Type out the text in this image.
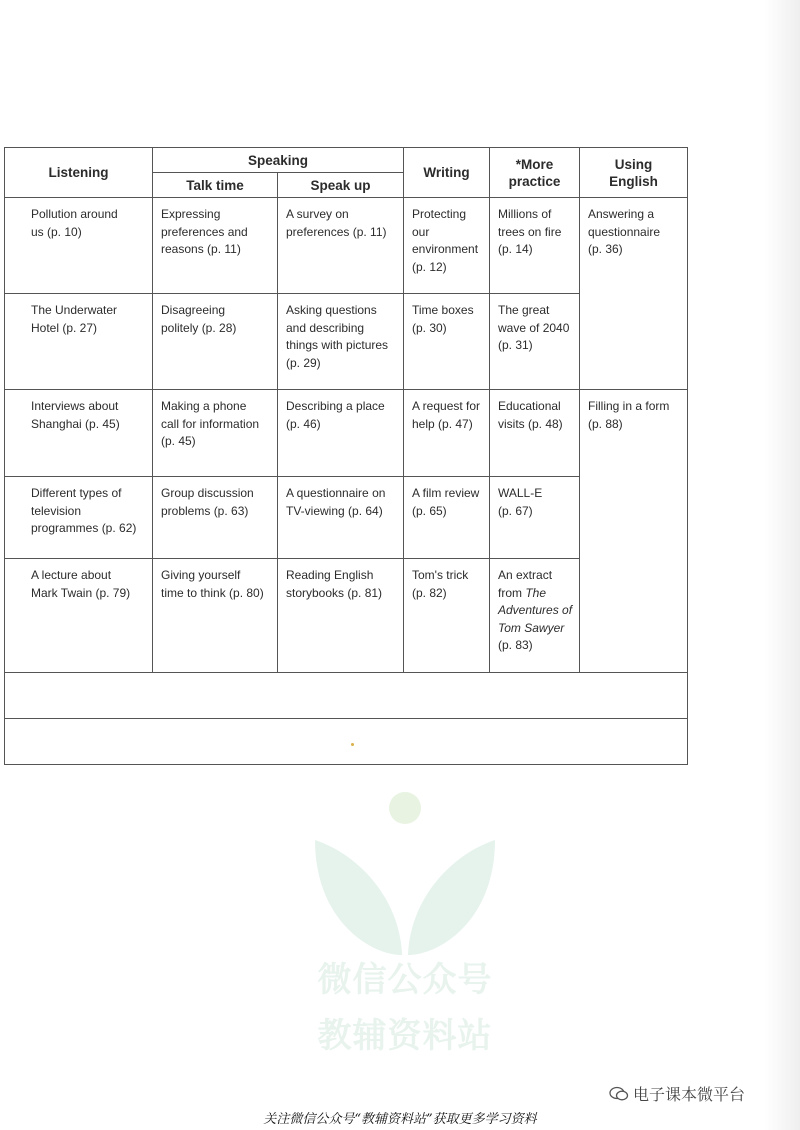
Listening	Speaking		Writing	*More
practice	Using
English
	Talk time	Speak up			
Pollution around
us (p. 10)	Expressing
preferences and
reasons (p. 11)	A survey on
preferences (p. 11)	Protecting
our
environment
(p. 12)	Millions of
trees on fire
(p. 14)	Answering a
questionnaire
(p. 36)
The Underwater
Hotel (p. 27)	Disagreeing
politely (p. 28)	Asking questions
and describing
things with pictures
(p. 29)	Time boxes
(p. 30)	The great
wave of 2040
(p. 31)	
Interviews about
Shanghai (p. 45)	Making a phone
call for information
(p. 45)	Describing a place
(p. 46)	A request for
help (p. 47)	Educational
visits (p. 48)	Filling in a form
(p. 88)
Different types of
television
programmes (p. 62)	Group discussion
problems (p. 63)	A questionnaire on
TV-viewing (p. 64)	A film review
(p. 65)	WALL-E
(p. 67)	
A lecture about
Mark Twain (p. 79)	Giving yourself
time to think (p. 80)	Reading English
storybooks (p. 81)	Tom's trick
(p. 82)	An extract
from The
Adventures of
Tom Sawyer
(p. 83)	

微信公众号
教辅资料站
电子课本微平台
关注微信公众号“教辅资料站”获取更多学习资料
